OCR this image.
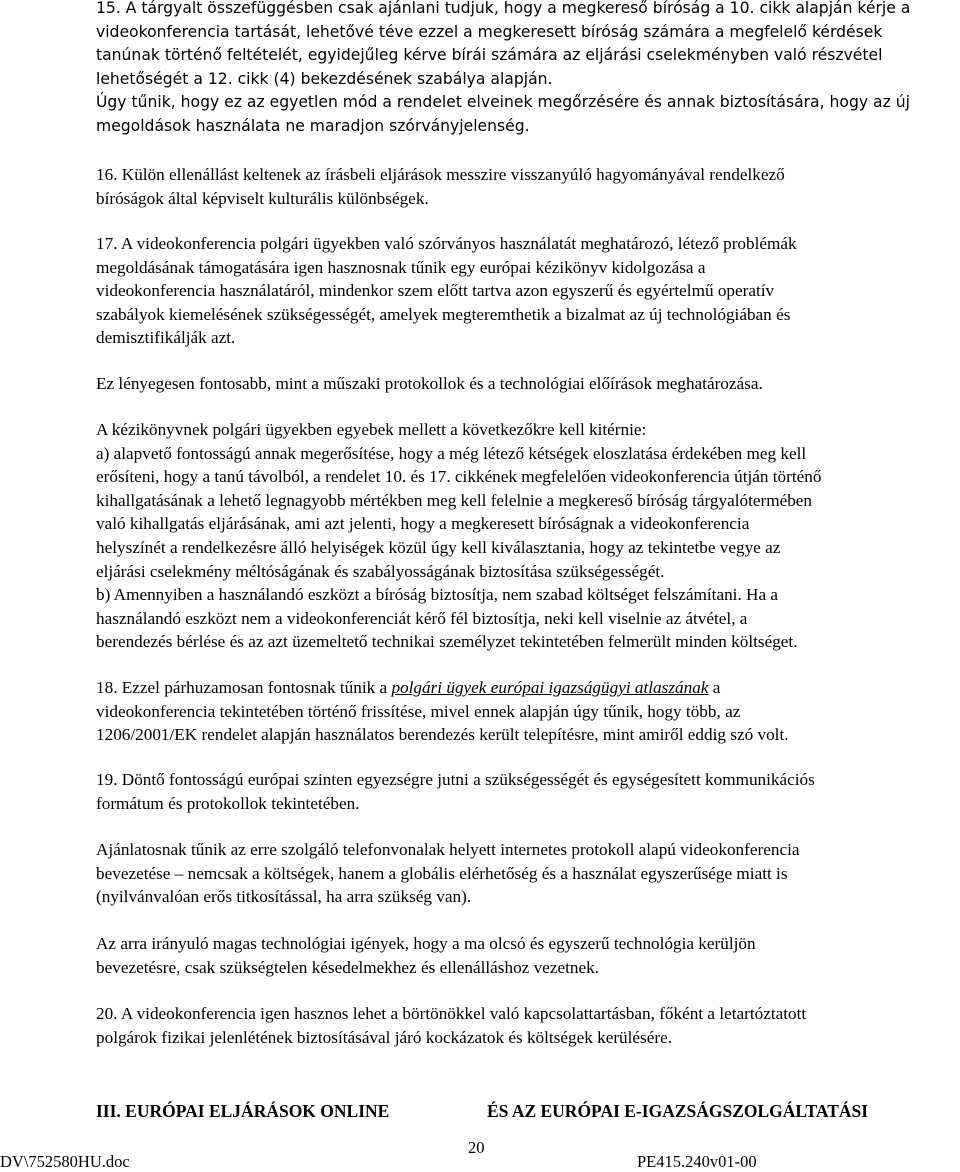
15. A tárgyalt összefüggésben csak ajánlani tudjuk, hogy a megkereső bíróság a 10. cikk alapján kérje a
videokonferencia tartását, lehetővé téve ezzel a megkeresett bíróság számára a megfelelő kérdések
tanúnak történő feltételét, egyidejűleg kérve bírái számára az eljárási cselekményben való részvétel
lehetőségét a 12. cikk (4) bekezdésének szabálya alapján.
Úgy tűnik, hogy ez az egyetlen mód a rendelet elveinek megőrzésére és annak biztosítására, hogy az új
megoldások használata ne maradjon szórványjelenség.
16. Külön ellenállást keltenek az írásbeli eljárások messzire visszanyúló hagyományával rendelkező
bíróságok által képviselt kulturális különbségek.
17. A videokonferencia polgári ügyekben való szórványos használatát meghatározó, létező problémák
megoldásának támogatására igen hasznosnak tűnik egy európai kézikönyv kidolgozása a
videokonferencia használatáról, mindenkor szem előtt tartva azon egyszerű és egyértelmű operatív
szabályok kiemelésének szükségességét, amelyek megteremthetik a bizalmat az új technológiában és
demisztifikálják azt.
Ez lényegesen fontosabb, mint a műszaki protokollok és a technológiai előírások meghatározása.
A kézikönyvnek polgári ügyekben egyebek mellett a következőkre kell kitérnie:
a) alapvető fontosságú annak megerősítése, hogy a még létező kétségek eloszlatása érdekében meg kell
erősíteni, hogy a tanú távolból, a rendelet 10. és 17. cikkének megfelelően videokonferencia útján történő
kihallgatásának a lehető legnagyobb mértékben meg kell felelnie a megkereső bíróság tárgyalótermében
való kihallgatás eljárásának, ami azt jelenti, hogy a megkeresett bíróságnak a videokonferencia
helyszínét a rendelkezésre álló helyiségek közül úgy kell kiválasztania, hogy az tekintetbe vegye az
eljárási cselekmény méltóságának és szabályosságának biztosítása szükségességét.
b) Amennyiben a használandó eszközt a bíróság biztosítja, nem szabad költséget felszámítani. Ha a
használandó eszközt nem a videokonferenciát kérő fél biztosítja, neki kell viselnie az átvétel, a
berendezés bérlése és az azt üzemeltető technikai személyzet tekintetében felmerült minden költséget.
18. Ezzel párhuzamosan fontosnak tűnik a polgári ügyek európai igazságügyi atlaszának a
videokonferencia tekintetében történő frissítése, mivel ennek alapján úgy tűnik, hogy több, az
1206/2001/EK rendelet alapján használatos berendezés került telepítésre, mint amiről eddig szó volt.
19. Döntő fontosságú európai szinten egyezségre jutni a szükségességét és egységesített kommunikációs
formátum és protokollok tekintetében.
Ajánlatosnak tűnik az erre szolgáló telefonvonalak helyett internetes protokoll alapú videokonferencia
bevezetése – nemcsak a költségek, hanem a globális elérhetőség és a használat egyszerűsége miatt is
(nyilvánvalóan erős titkosítással, ha arra szükség van).
Az arra irányuló magas technológiai igények, hogy a ma olcsó és egyszerű technológia kerüljön
bevezetésre, csak szükségtelen késedelmekhez és ellenálláshoz vezetnek.
20. A videokonferencia igen hasznos lehet a börtönökkel való kapcsolattartásban, főként a letartóztatott
polgárok fizikai jelenlétének biztosításával járó kockázatok és költségek kerülésére.
III. EURÓPAI ELJÁRÁSOK ONLINE	ÉS AZ EURÓPAI E-IGAZSÁGSZOLGÁLTATÁSI
DV\752580HU.doc
20
PE415.240v01-00
